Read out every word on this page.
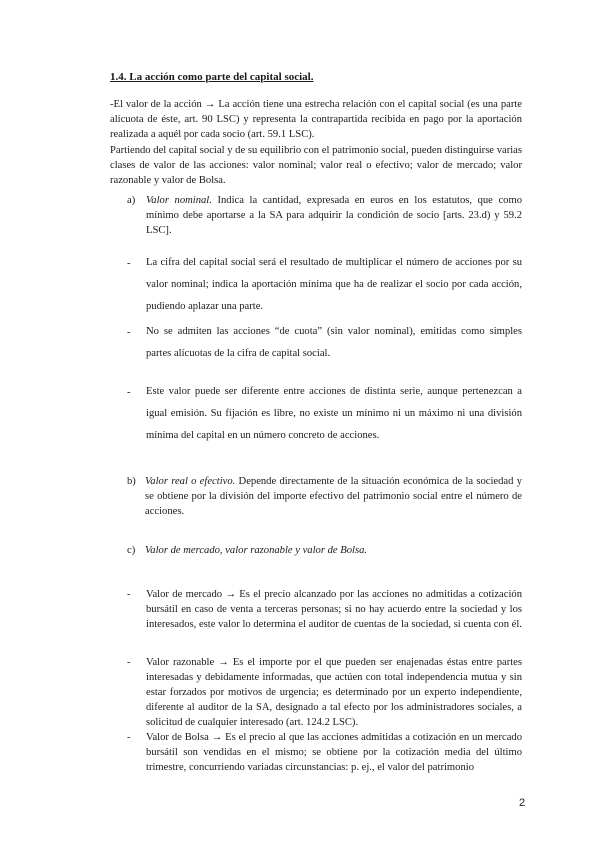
1.4. La acción como parte del capital social.
-El valor de la acción → La acción tiene una estrecha relación con el capital social (es una parte alícuota de éste, art. 90 LSC) y representa la contrapartida recibida en pago por la aportación realizada a aquél por cada socio (art. 59.1 LSC).
Partiendo del capital social y de su equilibrio con el patrimonio social, pueden distinguirse varias clases de valor de las acciones: valor nominal; valor real o efectivo; valor de mercado; valor razonable y valor de Bolsa.
a) Valor nominal. Indica la cantidad, expresada en euros en los estatutos, que como mínimo debe aportarse a la SA para adquirir la condición de socio [arts. 23.d) y 59.2 LSC].
- La cifra del capital social será el resultado de multiplicar el número de acciones por su valor nominal; indica la aportación mínima que ha de realizar el socio por cada acción, pudiendo aplazar una parte.
- No se admiten las acciones “de cuota” (sin valor nominal), emitidas como simples partes alícuotas de la cifra de capital social.
- Este valor puede ser diferente entre acciones de distinta serie, aunque pertenezcan a igual emisión. Su fijación es libre, no existe un mínimo ni un máximo ni una división mínima del capital en un número concreto de acciones.
b) Valor real o efectivo. Depende directamente de la situación económica de la sociedad y se obtiene por la división del importe efectivo del patrimonio social entre el número de acciones.
c) Valor de mercado, valor razonable y valor de Bolsa.
- Valor de mercado → Es el precio alcanzado por las acciones no admitidas a cotización bursátil en caso de venta a terceras personas; si no hay acuerdo entre la sociedad y los interesados, este valor lo determina el auditor de cuentas de la sociedad, si cuenta con él.
- Valor razonable → Es el importe por el que pueden ser enajenadas éstas entre partes interesadas y debidamente informadas, que actúen con total independencia mutua y sin estar forzados por motivos de urgencia; es determinado por un experto independiente, diferente al auditor de la SA, designado a tal efecto por los administradores sociales, a solicitud de cualquier interesado (art. 124.2 LSC).
- Valor de Bolsa → Es el precio al que las acciones admitidas a cotización en un mercado bursátil son vendidas en el mismo; se obtiene por la cotización media del último trimestre, concurriendo variadas circunstancias: p. ej., el valor del patrimonio
2
